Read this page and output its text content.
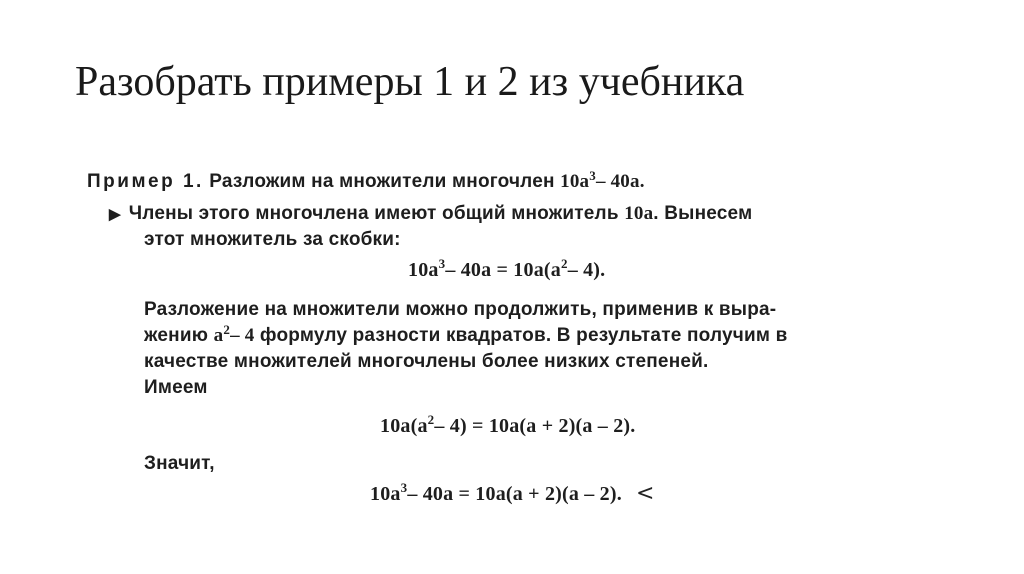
Разобрать примеры 1 и 2 из учебника
Пример 1. Разложим на множители многочлен $10a^3-$ 40a.
▶ Члены этого многочлена имеют общий множитель 10a. Вынесем
этот множитель за скобки:
$10a^3-$ $40a = 10a(a^2-$ 4).
Разложение на множители можно продолжить, применив к выра-
жению $a^2-$ 4 формулу разности квадратов. В результате получим в
качестве множителей многочлены более низких степеней.
Имеем
$10a(a^2-$ 4) = 10a(a + 2)(a – 2).
Значит,
$10a^3-$ 40a = 10a(a + 2)(a – 2). <
